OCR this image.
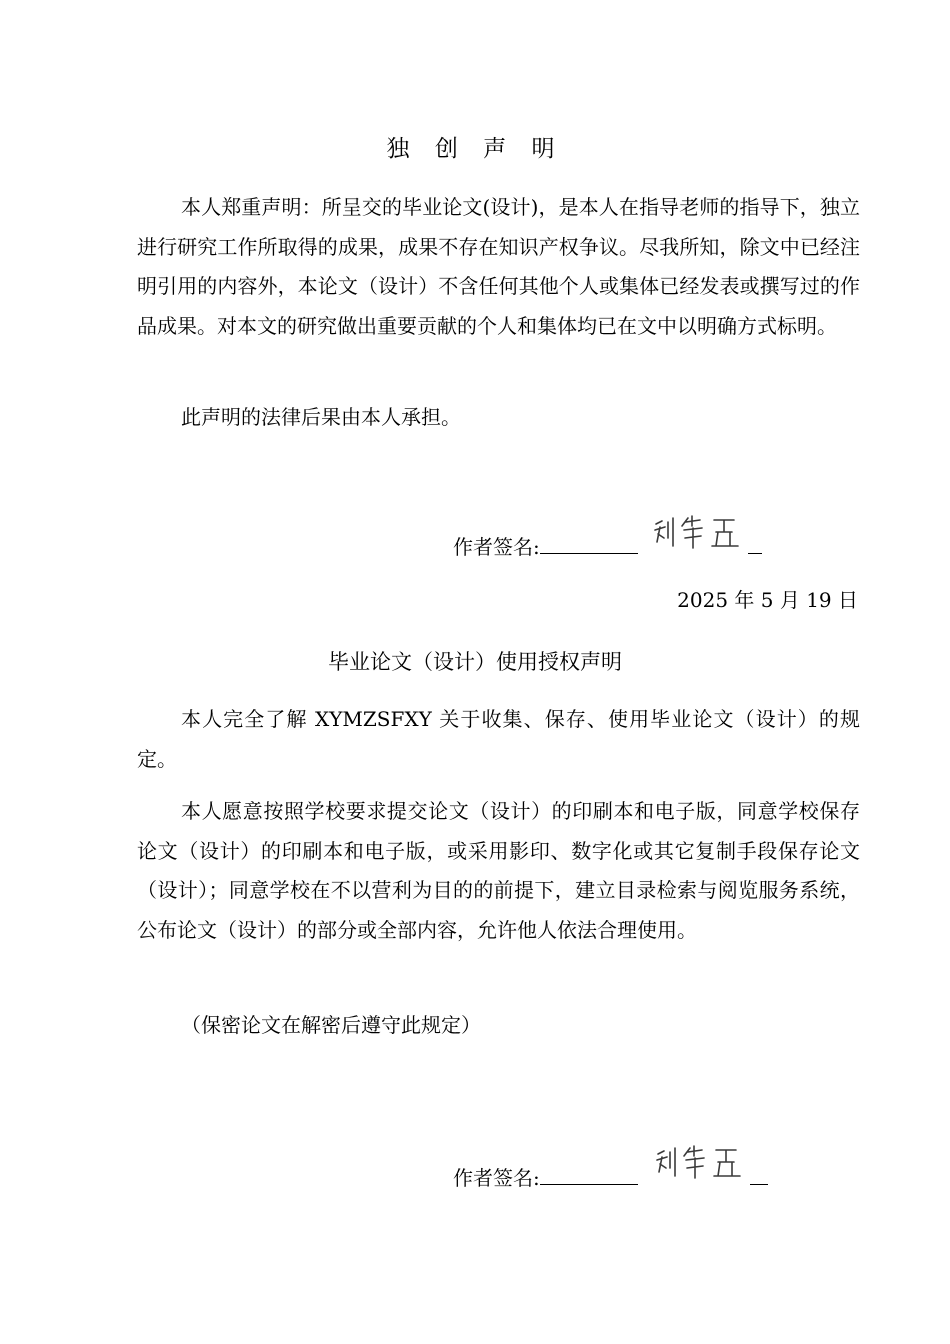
独 创 声 明

本人郑重声明：所呈交的毕业论文(设计)，是本人在指导老师的指导下，独立进行研究工作所取得的成果，成果不存在知识产权争议。尽我所知，除文中已经注明引用的内容外，本论文（设计）不含任何其他个人或集体已经发表或撰写过的作品成果。对本文的研究做出重要贡献的个人和集体均已在文中以明确方式标明。

此声明的法律后果由本人承担。

作者签名:
2025 年 5 月 19 日
毕业论文（设计）使用授权声明

本人完全了解 XYMZSFXY 关于收集、保存、使用毕业论文（设计）的规定。

本人愿意按照学校要求提交论文（设计）的印刷本和电子版，同意学校保存论文（设计）的印刷本和电子版，或采用影印、数字化或其它复制手段保存论文（设计）；同意学校在不以营利为目的的前提下，建立目录检索与阅览服务系统，公布论文（设计）的部分或全部内容，允许他人依法合理使用。

（保密论文在解密后遵守此规定）

作者签名:
